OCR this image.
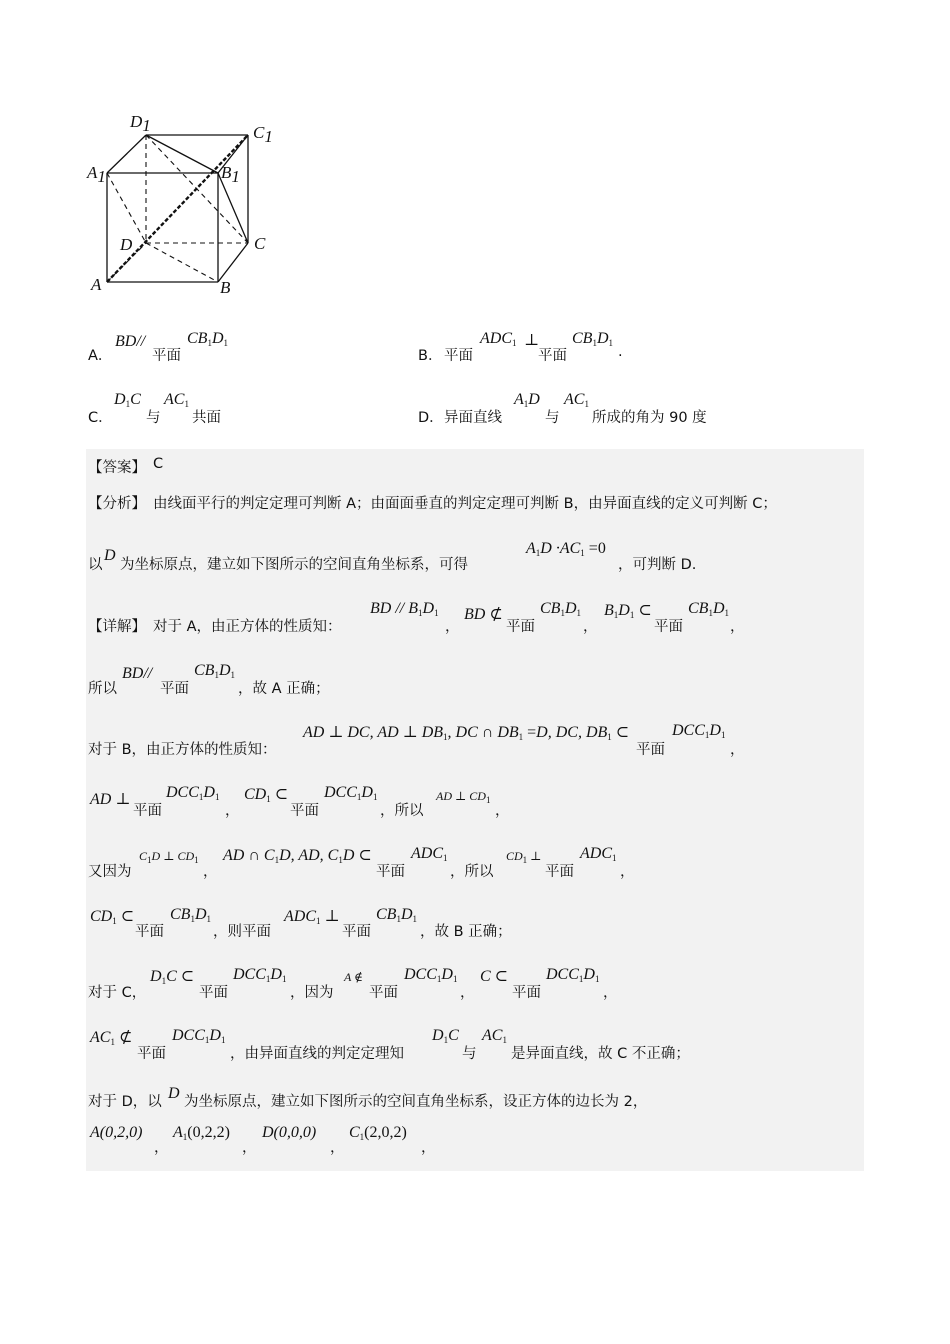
D1	C1
A1	B1
D	C
A	B
A．
BD//
平面
CB1D1
B． 平面
ADC1 ⊥
平面
CB1D1
.
C．
D1C
与
AC1
共面	D． 异面直线
A1D
与
AC1
所成的角为 90 度
【答案】 C
【分析】 由线面平行的判定定理可判断 A；由面面垂直的判定定理可判断 B，由异面直线的定义可判断 C；
以
D
为坐标原点，建立如下图所示的空间直角坐标系，可得
A1D ·AC1 =0
，可判断 D.
【详解】 对于 A，由正方体的性质知：
BD // B1D1
，
BD ⊄
平面
CB1D1
，
B1D1 ⊂
平面
CB1D1
，
所以
BD//
平面
CB1D1
，故 A 正确；
对于 B，由正方体的性质知：
AD ⊥ DC, AD ⊥ DB1, DC ∩ DB1 =D, DC, DB1 ⊂
平面
DCC1D1
，
AD ⊥
平面
DCC1D1
，
CD1 ⊂
平面
DCC1D1
，所以
AD ⊥ $CD_1$
，
又因为
$C_1D$ ⊥ $CD_1$
，
AD ∩ C1D, AD, C1D ⊂
平面
ADC1
，所以
$CD_1$ ⊥
平面
ADC1
，
CD1 ⊂
平面
CB1D1
，则平面
ADC1 ⊥
平面
CB1D1
，故 B 正确；
对于 C，
D1C ⊂
平面
DCC1D1
，因为
A ∉
平面
DCC1D1
，
C ⊂
平面
DCC1D1
，
AC1 ⊄
平面
DCC1D1
，由异面直线的判定定理知
D1C
与
AC1
是异面直线，故 C 不正确；
对于 D，以 D 为坐标原点，建立如下图所示的空间直角坐标系，设正方体的边长为 2，
A(0,2,0)
，
A1(0,2,2)
，
D(0,0,0)
，
C1(2,0,2)
，
